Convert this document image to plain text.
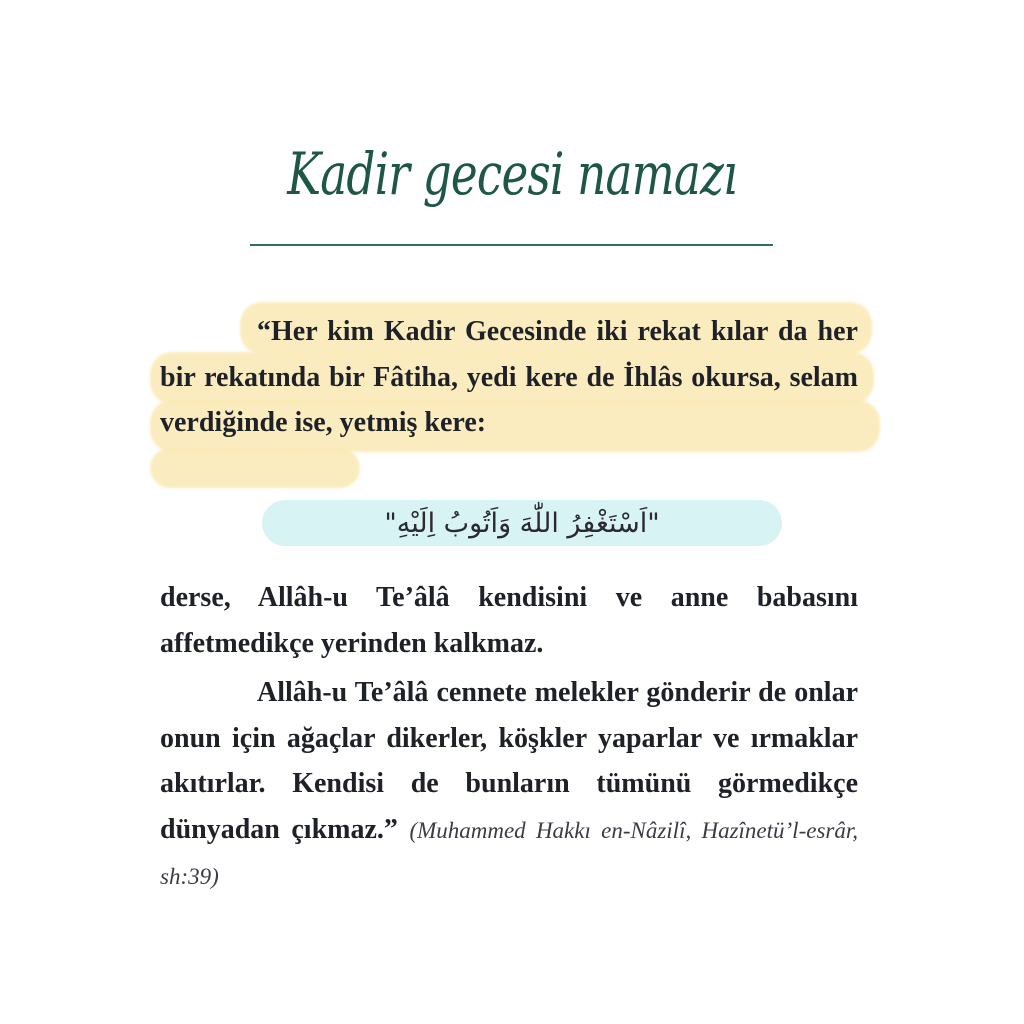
Kadir gecesi namazı
“Her kim Kadir Gecesinde iki rekat kılar da her bir rekatında bir Fâtiha, yedi kere de İhlâs okursa, selam verdiğinde ise, yetmiş kere:
"اَسْتَغْفِرُ اللّٰهَ وَاَتُوبُ اِلَيْهِ"
derse, Allâh-u Te’âlâ kendisini ve anne babasını affetmedikçe yerinden kalkmaz.
Allâh-u Te’âlâ cennete melekler gönderir de onlar onun için ağaçlar dikerler, köşkler yaparlar ve ırmaklar akıtırlar. Kendisi de bunların tümünü görmedikçe dünyadan çıkmaz.” (Muhammed Hakkı en-Nâzilî, Hazînetü’l-esrâr, sh:39)
